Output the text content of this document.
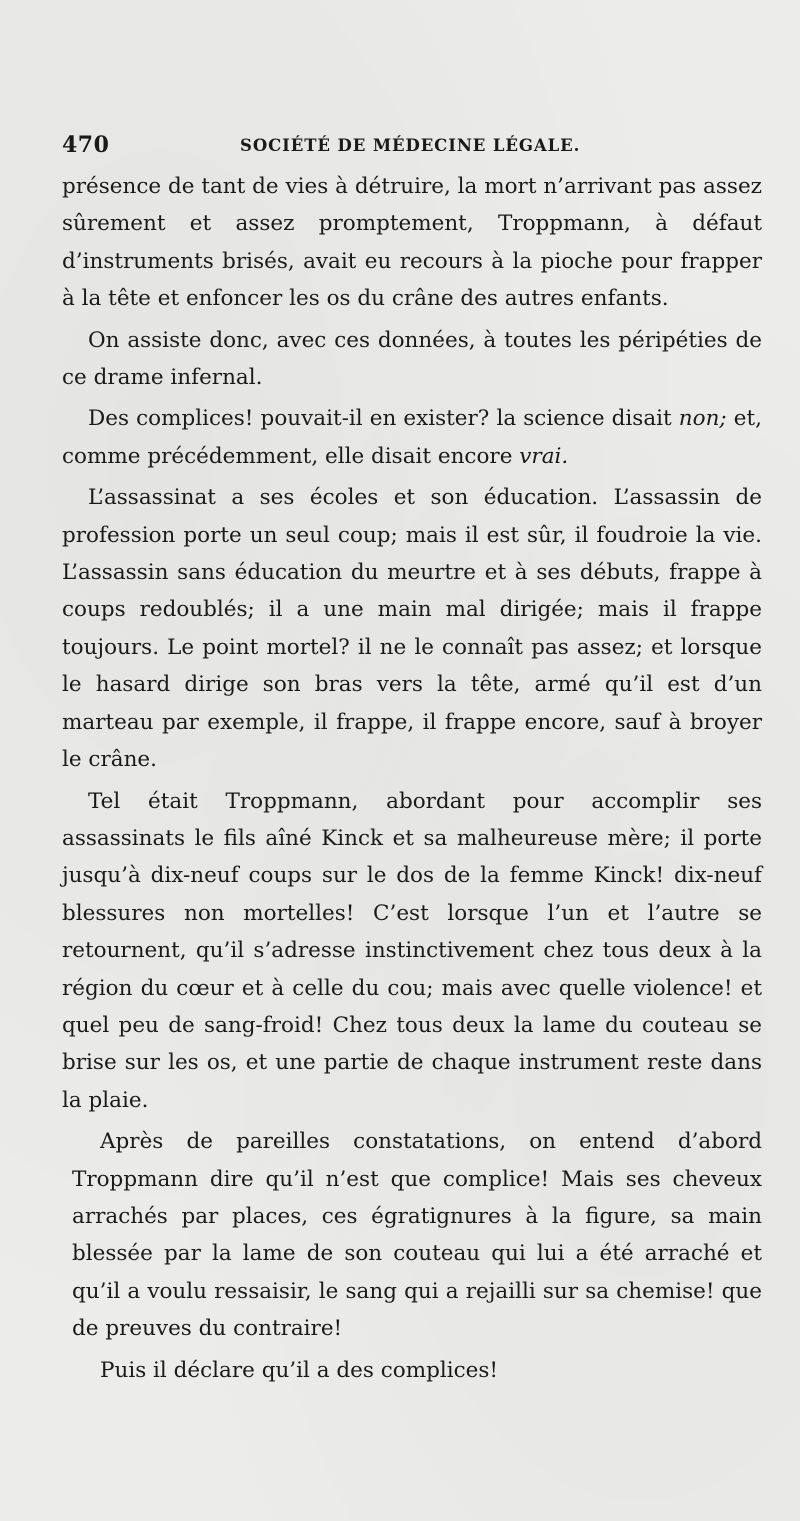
470	SOCIÉTÉ DE MÉDECINE LÉGALE.

présence de tant de vies à détruire, la mort n’arrivant pas assez sûrement et assez promptement, Troppmann, à défaut d’instruments brisés, avait eu recours à la pioche pour frapper à la tête et enfoncer les os du crâne des autres enfants.

On assiste donc, avec ces données, à toutes les péripéties de ce drame infernal.

Des complices! pouvait-il en exister? la science disait non; et, comme précédemment, elle disait encore vrai.

L’assassinat a ses écoles et son éducation. L’assassin de profession porte un seul coup; mais il est sûr, il foudroie la vie. L’assassin sans éducation du meurtre et à ses débuts, frappe à coups redoublés; il a une main mal dirigée; mais il frappe toujours. Le point mortel? il ne le connaît pas assez; et lorsque le hasard dirige son bras vers la tête, armé qu’il est d’un marteau par exemple, il frappe, il frappe encore, sauf à broyer le crâne.

Tel était Troppmann, abordant pour accomplir ses assassinats le fils aîné Kinck et sa malheureuse mère; il porte jusqu’à dix-neuf coups sur le dos de la femme Kinck! dix-neuf blessures non mortelles! C’est lorsque l’un et l’autre se retournent, qu’il s’adresse instinctivement chez tous deux à la région du cœur et à celle du cou; mais avec quelle violence! et quel peu de sang-froid! Chez tous deux la lame du couteau se brise sur les os, et une partie de chaque instrument reste dans la plaie.

Après de pareilles constatations, on entend d’abord Troppmann dire qu’il n’est que complice! Mais ses cheveux arrachés par places, ces égratignures à la figure, sa main blessée par la lame de son couteau qui lui a été arraché et qu’il a voulu ressaisir, le sang qui a rejailli sur sa chemise! que de preuves du contraire!

Puis il déclare qu’il a des complices!
